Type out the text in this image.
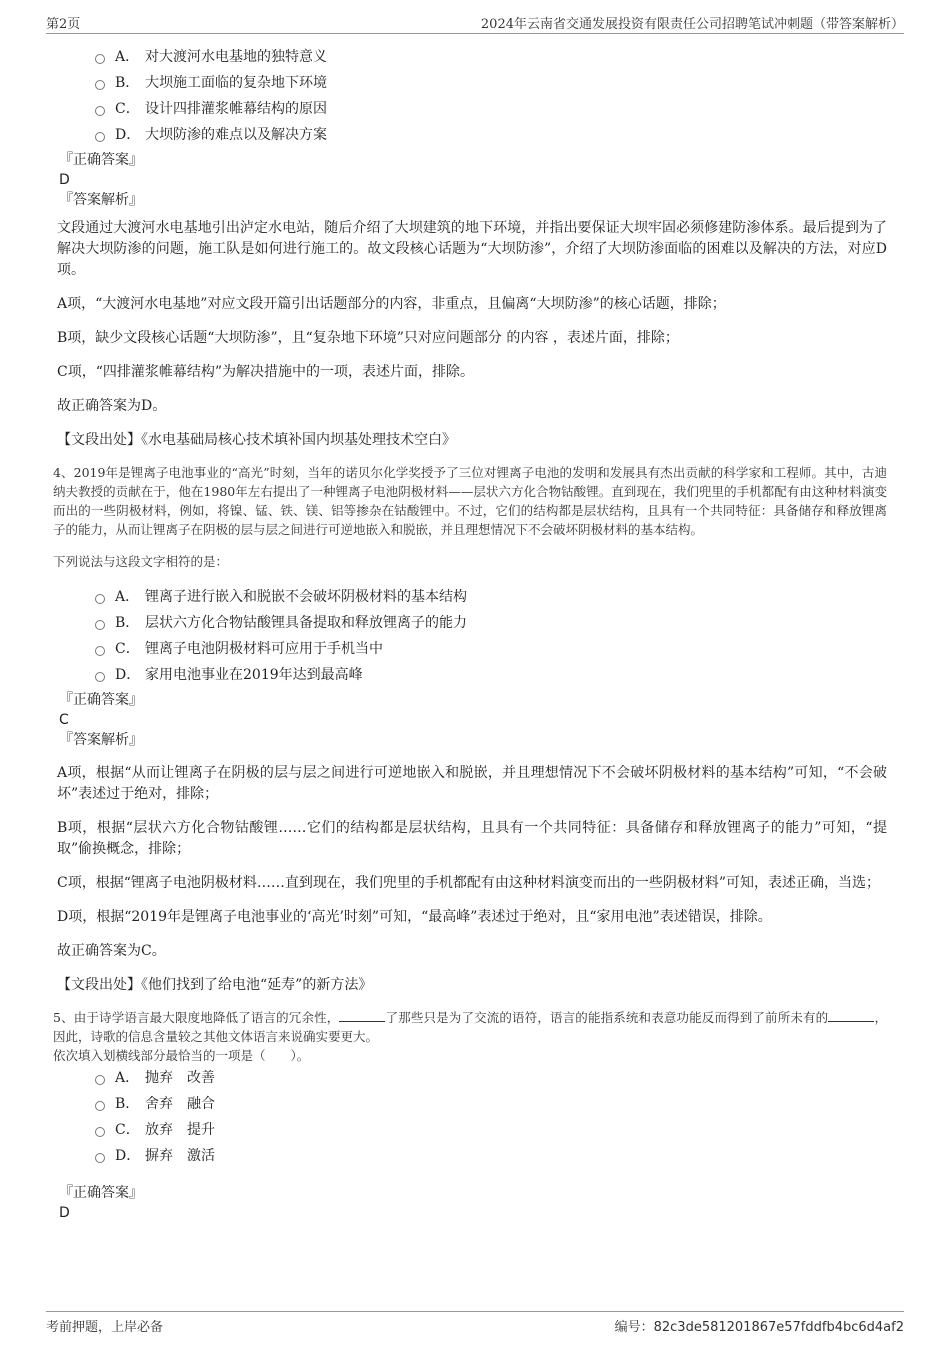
第2页	2024年云南省交通发展投资有限责任公司招聘笔试冲刺题（带答案解析）
A． 对大渡河水电基地的独特意义
B． 大坝施工面临的复杂地下环境
C． 设计四排灌浆帷幕结构的原因
D． 大坝防渗的难点以及解决方案
『正确答案』
D
『答案解析』

文段通过大渡河水电基地引出泸定水电站，随后介绍了大坝建筑的地下环境，并指出要保证大坝牢固必须修建防渗体系。最后提到为了解决大坝防渗的问题，施工队是如何进行施工的。故文段核心话题为“大坝防渗”，介绍了大坝防渗面临的困难以及解决的方法，对应D项。

A项，“大渡河水电基地”对应文段开篇引出话题部分的内容，非重点，且偏离“大坝防渗”的核心话题，排除；

B项，缺少文段核心话题“大坝防渗”，且“复杂地下环境”只对应问题部分 的内容 ，表述片面，排除；

C项，“四排灌浆帷幕结构”为解决措施中的一项，表述片面，排除。

故正确答案为D。

【文段出处】《水电基础局核心技术填补国内坝基处理技术空白》

4、2019年是锂离子电池事业的“高光”时刻，当年的诺贝尔化学奖授予了三位对锂离子电池的发明和发展具有杰出贡献的科学家和工程师。其中，古迪纳夫教授的贡献在于，他在1980年左右提出了一种锂离子电池阴极材料——层状六方化合物钴酸锂。直到现在，我们兜里的手机都配有由这种材料演变而出的一些阴极材料，例如，将镍、锰、铁、镁、铝等掺杂在钴酸锂中。不过，它们的结构都是层状结构，且具有一个共同特征：具备储存和释放锂离子的能力，从而让锂离子在阴极的层与层之间进行可逆地嵌入和脱嵌，并且理想情况下不会破坏阴极材料的基本结构。

下列说法与这段文字相符的是：

A． 锂离子进行嵌入和脱嵌不会破坏阴极材料的基本结构
B． 层状六方化合物钴酸锂具备提取和释放锂离子的能力
C． 锂离子电池阴极材料可应用于手机当中
D． 家用电池事业在2019年达到最高峰
『正确答案』
C
『答案解析』

A项，根据“从而让锂离子在阴极的层与层之间进行可逆地嵌入和脱嵌，并且理想情况下不会破坏阴极材料的基本结构”可知，“不会破坏”表述过于绝对，排除；

B项，根据“层状六方化合物钴酸锂……它们的结构都是层状结构，且具有一个共同特征：具备储存和释放锂离子的能力”可知，“提取”偷换概念，排除；

C项，根据“锂离子电池阴极材料……直到现在，我们兜里的手机都配有由这种材料演变而出的一些阴极材料”可知，表述正确，当选；

D项，根据“2019年是锂离子电池事业的‘高光’时刻”可知，“最高峰”表述过于绝对，且“家用电池”表述错误，排除。

故正确答案为C。

【文段出处】《他们找到了给电池“延寿”的新方法》

5、由于诗学语言最大限度地降低了语言的冗余性，	了那些只是为了交流的语符，语言的能指系统和表意功能反而得到了前所未有的	，因此，诗歌的信息含量较之其他文体语言来说确实要更大。

依次填入划横线部分最恰当的一项是（　　）。

A． 抛弃　改善
B． 舍弃　融合
C． 放弃　提升
D． 摒弃　激活
『正确答案』
D
考前押题，上岸必备	编号：82c3de581201867e57fddfb4bc6d4af2
